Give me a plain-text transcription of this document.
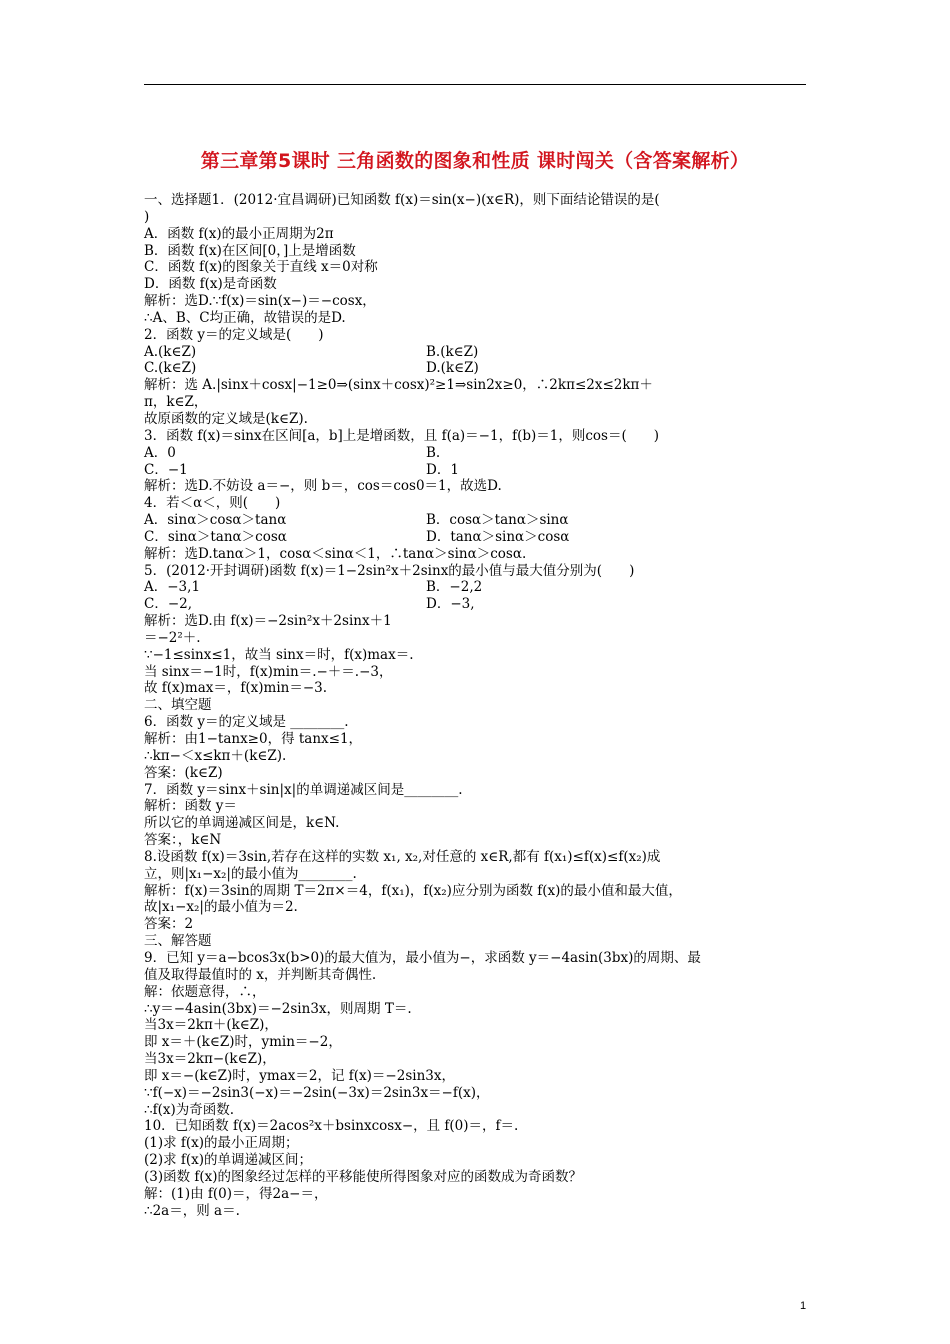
第三章第5课时 三角函数的图象和性质 课时闯关（含答案解析）
一、选择题1．(2012·宜昌调研)已知函数 f(x)＝sin(x−)(x∈R)，则下面结论错误的是(
)
A．函数 f(x)的最小正周期为2π
B．函数 f(x)在区间[0，]上是增函数
C．函数 f(x)的图象关于直线 x＝0对称
D．函数 f(x)是奇函数
解析：选D.∵f(x)＝sin(x−)＝−cosx，
∴A、B、C均正确，故错误的是D.
2．函数 y＝的定义域是(　　)
A.(k∈Z)	B.(k∈Z)
C.(k∈Z)	D.(k∈Z)
解析：选 A.|sinx＋cosx|−1≥0⇒(sinx＋cosx)²≥1⇒sin2x≥0，∴2kπ≤2x≤2kπ＋
π，k∈Z，
故原函数的定义域是(k∈Z).
3．函数 f(x)＝sinx在区间[a，b]上是增函数，且 f(a)＝−1，f(b)＝1，则cos＝(　　)
A．0	B.
C．−1	D．1
解析：选D.不妨设 a＝−，则 b＝，cos＝cos0＝1，故选D.
4．若＜α＜，则(　　)
A．sinα＞cosα＞tanα	B．cosα＞tanα＞sinα
C．sinα＞tanα＞cosα	D．tanα＞sinα＞cosα
解析：选D.tanα＞1，cosα＜sinα＜1，∴tanα＞sinα＞cosα.
5．(2012·开封调研)函数 f(x)＝1−2sin²x＋2sinx的最小值与最大值分别为(　　)
A．−3,1	B．−2,2
C．−2,	D．−3,
解析：选D.由 f(x)＝−2sin²x＋2sinx＋1
＝−2²＋.
∵−1≤sinx≤1，故当 sinx＝时，f(x)max＝.
当 sinx＝−1时，f(x)min＝.−＋＝.−3，
故 f(x)max＝，f(x)min＝−3.
二、填空题
6．函数 y＝的定义域是 ________.
解析：由1−tanx≥0，得 tanx≤1，
∴kπ−＜x≤kπ＋(k∈Z).
答案：(k∈Z)
7．函数 y＝sinx＋sin|x|的单调递减区间是________.
解析：函数 y＝
所以它的单调递减区间是，k∈N.
答案：，k∈N
8.设函数 f(x)＝3sin,若存在这样的实数 x₁, x₂,对任意的 x∈R,都有 f(x₁)≤f(x)≤f(x₂)成
立，则|x₁−x₂|的最小值为________.
解析：f(x)＝3sin的周期 T＝2π×＝4，f(x₁)，f(x₂)应分别为函数 f(x)的最小值和最大值，
故|x₁−x₂|的最小值为＝2.
答案：2
三、解答题
9．已知 y＝a−bcos3x(b>0)的最大值为，最小值为−，求函数 y＝−4asin(3bx)的周期、最
值及取得最值时的 x，并判断其奇偶性.
解：依题意得，∴，
∴y＝−4asin(3bx)＝−2sin3x，则周期 T＝.
当3x＝2kπ＋(k∈Z)，
即 x＝＋(k∈Z)时，ymin＝−2，
当3x＝2kπ−(k∈Z)，
即 x＝−(k∈Z)时，ymax＝2，记 f(x)＝−2sin3x，
∵f(−x)＝−2sin3(−x)＝−2sin(−3x)＝2sin3x＝−f(x)，
∴f(x)为奇函数.
10．已知函数 f(x)＝2acos²x＋bsinxcosx−，且 f(0)＝，f＝.
(1)求 f(x)的最小正周期；
(2)求 f(x)的单调递减区间；
(3)函数 f(x)的图象经过怎样的平移能使所得图象对应的函数成为奇函数？
解：(1)由 f(0)＝，得2a−＝，
∴2a＝，则 a＝.
1
